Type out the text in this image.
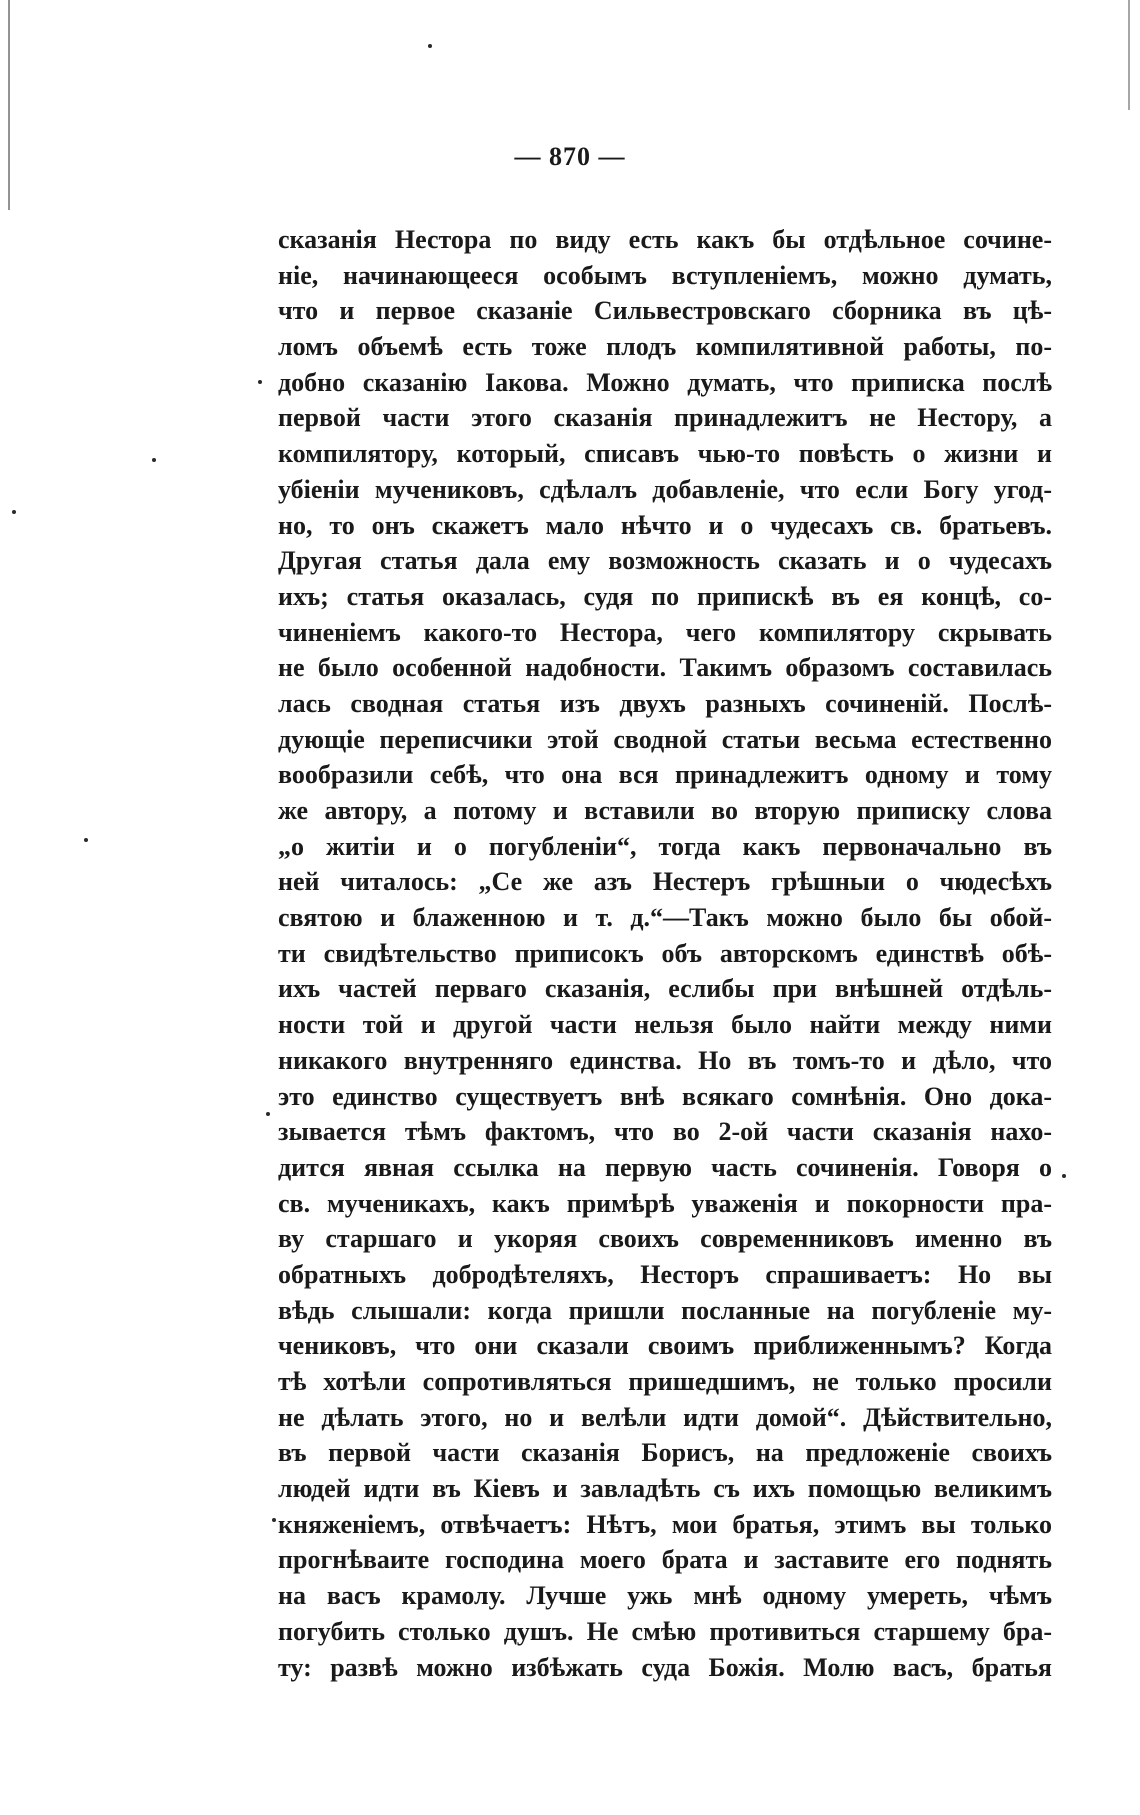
— 870 —
сказанія Нестора по виду есть какъ бы отдѣльное сочине-
ніе, начинающееся особымъ вступленіемъ, можно думать,
что и первое сказаніе Сильвестровскаго сборника въ цѣ-
ломъ объемѣ есть тоже плодъ компилятивной работы, по-
добно сказанію Іакова. Можно думать, что приписка послѣ
первой части этого сказанія принадлежитъ не Нестору, а
компилятору, который, списавъ чью-то повѣсть о жизни и
убіеніи мучениковъ, сдѣлалъ добавленіе, что если Богу угод-
но, то онъ скажетъ мало нѣчто и о чудесахъ св. братьевъ.
Другая статья дала ему возможность сказать и о чудесахъ
ихъ; статья оказалась, судя по припискѣ въ ея концѣ, со-
чиненіемъ какого-то Нестора, чего компилятору скрывать
не было особенной надобности. Такимъ образомъ составилась
лась сводная статья изъ двухъ разныхъ сочиненій. Послѣ-
дующіе переписчики этой сводной статьи весьма естественно
вообразили себѣ, что она вся принадлежитъ одному и тому
же автору, а потому и вставили во вторую приписку слова
„о житіи и о погубленіи“, тогда какъ первоначально въ
ней читалось: „Се же азъ Нестеръ грѣшныи о чюдесѣхъ
святою и блаженною и т. д.“—Такъ можно было бы обой-
ти свидѣтельство приписокъ объ авторскомъ единствѣ обѣ-
ихъ частей перваго сказанія, еслибы при внѣшней отдѣль-
ности той и другой части нельзя было найти между ними
никакого внутренняго единства. Но въ томъ-то и дѣло, что
это единство существуетъ внѣ всякаго сомнѣнія. Оно дока-
зывается тѣмъ фактомъ, что во 2-ой части сказанія нахо-
дится явная ссылка на первую часть сочиненія. Говоря о
св. мученикахъ, какъ примѣрѣ уваженія и покорности пра-
ву старшаго и укоряя своихъ современниковъ именно въ
обратныхъ добродѣтеляхъ, Несторъ спрашиваетъ: Но вы
вѣдь слышали: когда пришли посланные на погубленіе му-
чениковъ, что они сказали своимъ приближеннымъ? Когда
тѣ хотѣли сопротивляться пришедшимъ, не только просили
не дѣлать этого, но и велѣли идти домой“. Дѣйствительно,
въ первой части сказанія Борисъ, на предложеніе своихъ
людей идти въ Кіевъ и завладѣть съ ихъ помощью великимъ
княженіемъ, отвѣчаетъ: Нѣтъ, мои братья, этимъ вы только
прогнѣваите господина моего брата и заставите его поднять
на васъ крамолу. Лучше ужь мнѣ одному умереть, чѣмъ
погубить столько душъ. Не смѣю противиться старшему бра-
ту: развѣ можно избѣжать суда Божія. Молю васъ, братья
